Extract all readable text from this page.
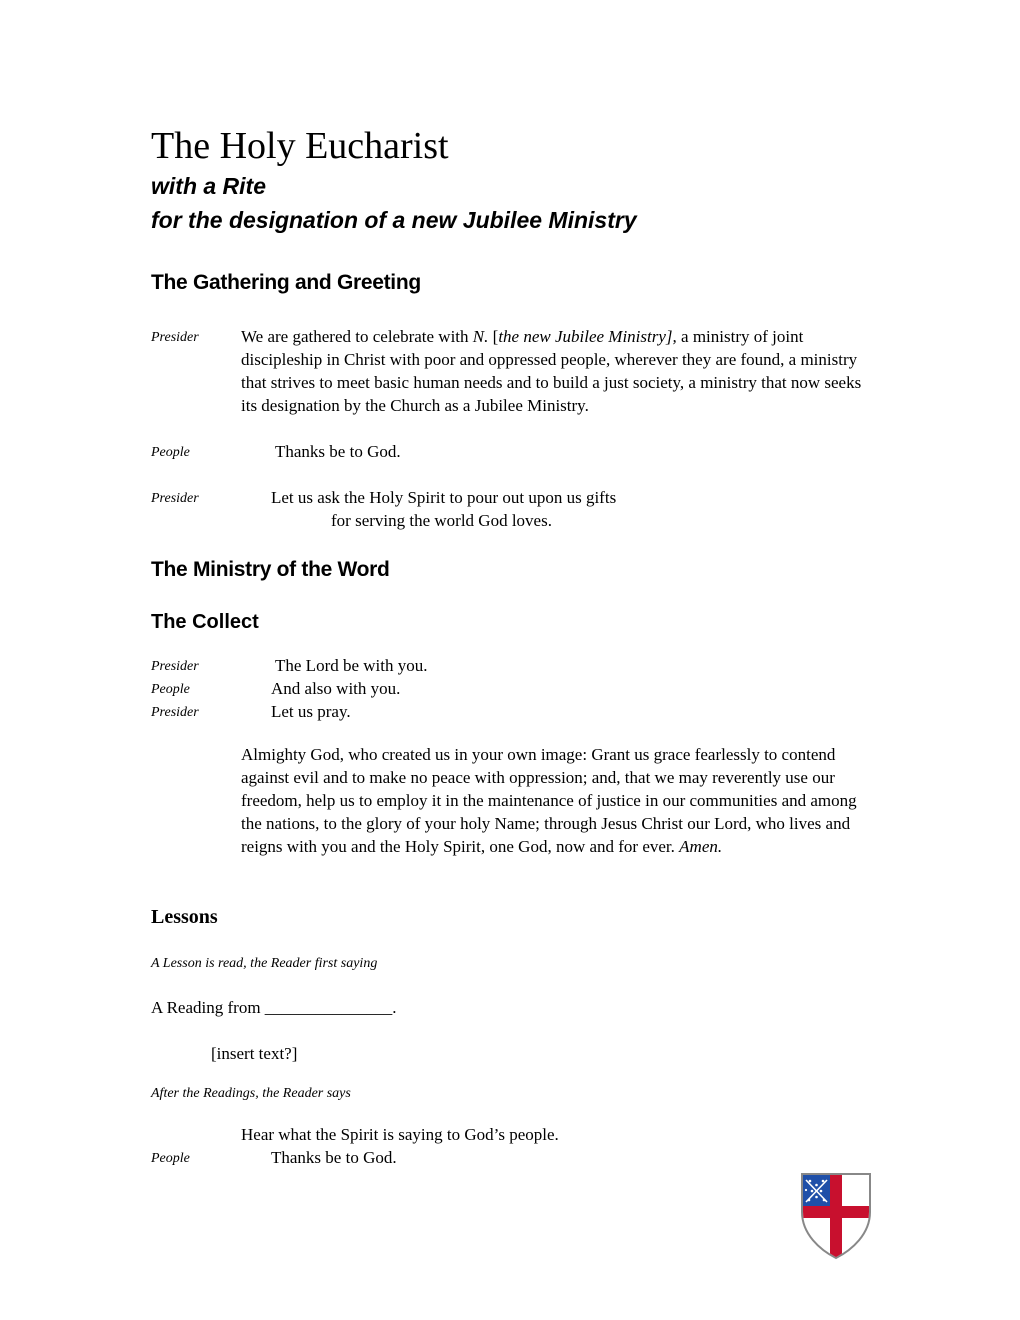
The Holy Eucharist
with a Rite
for the designation of a new Jubilee Ministry
The Gathering and Greeting
Presider We are gathered to celebrate with N. [the new Jubilee Ministry], a ministry of joint discipleship in Christ with poor and oppressed people, wherever they are found, a ministry that strives to meet basic human needs and to build a just society, a ministry that now seeks its designation by the Church as a Jubilee Ministry.

People	Thanks be to God.
Presider	Let us ask the Holy Spirit to pour out upon us gifts
for serving the world God loves.
The Ministry of the Word
The Collect
Presider	The Lord be with you.
People	And also with you.
Presider	Let us pray.

Almighty God, who created us in your own image: Grant us grace fearlessly to contend against evil and to make no peace with oppression; and, that we may reverently use our freedom, help us to employ it in the maintenance of justice in our communities and among the nations, to the glory of your holy Name; through Jesus Christ our Lord, who lives and reigns with you and the Holy Spirit, one God, now and for ever. Amen.

Lessons
A Lesson is read, the Reader first saying
A Reading from _______________.
[insert text?]
After the Readings, the Reader says
Hear what the Spirit is saying to God’s people.
People	Thanks be to God.
